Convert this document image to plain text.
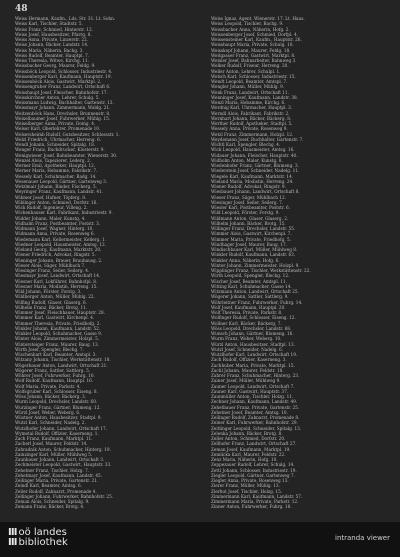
48
Weiss Hermann, Kaufm., Lds. Str. 31. Lt. Sohn.
Weiss Karl, Tischler, Stadtstr. 5.
Weiss Franz, Schmied, Hinterstr. 12.
Weiss Josef, Hausbesitzer, Pfarrg. 8.
Weiss Anna, Private, Linzerstr. 22.
Weiss Johann, Bäcker, Landstr. 14.
Weiss Maria, Näherin, Bachg. 3.
Weiss Rudolf, Beamter, Hauptpl. 7.
Weiss Theresia, Witwe, Kirchg. 11.
Weissbacher Georg, Maurer, Feldg. 9.
Weissböck Leopold, Schlosser, Industriestr. 4.
Weissenberger Karl, Kaufmann, Hauptstr. 19.
Weissenböck Alois, Gastwirt, Marktpl. 2.
Weissengruber Franz, Landwirt, Ortschaft 6.
Weisshaupt Josef, Fleischer, Bahnhofstr. 17.
Weisskirchner Anton, Lehrer, Schulg. 5.
Weissmann Ludwig, Buchhalter, Gartenstr. 13.
Weissmayr Johann, Zimmermann, Waldg. 21.
Weitzenböck Hans, Drechsler, Brunnenstr. 8.
Weixelbaumer Josef, Fuhrwerker, Mühlg. 15.
Weixelberger Anna, Private, Domg. 4.
Welser Karl, Oberlehrer, Promenade 10.
Welsersheimb Rudolf, Gutsbesitzer, Schlossstr. 1.
Welzl Friedrich, Uhrmacher, Herreng. 6.
Wendl Johann, Schneider, Spitalg. 18.
Wenger Franz, Buchdrucker, Klosterstr. 9.
Wenigwieser Josef, Bahnbeamter, Wienerstr. 30.
Wenzel Alois, Tapezierer, Lederg. 2.
Werner Emil, Apotheker, Hauptpl. 12.
Werner Maria, Hebamme, Fabrikstr. 7.
Wessely Karl, Schuhmacher, Badg. 14.
Wesenauer Leopold, Gärtner, Gartenweg 3.
Wetzlmair Johann, Binder, Fischerg. 5.
Weyringer Franz, Kaufmann, Landstr. 41.
Wibmer Josef, Hafner, Töpferg. 8.
Wiblinger Anton, Schmied, Dorfstr. 16.
Wick Rudolf, Ingenieur, Villeng. 2.
Wickenhauser Karl, Fabrikant, Industriestr. 9.
Widder Johann, Maler, Kunstg. 4.
Widhalm Franz, Postbeamter, Poststr. 3.
Widmann Josef, Wagner, Hinterg. 10.
Widmann Anna, Private, Rosenweg 6.
Wiedemann Karl, Kellermeister, Kellerg. 1.
Wiedner Leopold, Hausmeister, Amtsg. 12.
Wieland Georg, Kaufmann, Marktstr. 20.
Wiener Friedrich, Advokat, Ringstr. 5.
Wieninger Johann, Brauer, Brauhausg. 2.
Wieser Alois, Säger, Mühlbach 7.
Wiesinger Franz, Seiler, Seilerg. 4.
Wiesmayr Josef, Landwirt, Ortschaft 14.
Wiesner Karl, Lokführer, Bahnhofpl. 8.
Wiesner Maria, Modistin, Herreng. 15.
Wild Johann, Förster, Forstg. 3.
Wildberger Anton, Müller, Mühlg. 22.
Wilfing Rudolf, Glaser, Glaserg. 6.
Wilhelm Franz, Bäcker, Brotg. 11.
Wimmer Josef, Fleischhauer, Hauptstr. 28.
Wimmer Karl, Gastwirt, Kirchenpl. 4.
Wimmer Theresia, Private, Friedhofg. 2.
Winkler Johann, Kaufmann, Landstr. 52.
Winkler Leopold, Schuhmacher, Gasse 9.
Winter Alois, Zimmermeister, Holzpl. 5.
Wintersteiger Franz, Maurer, Baug. 13.
Wirth Josef, Spengler, Blechg. 7.
Wischenbart Karl, Beamter, Amtspl. 3.
Witzany Johann, Tischler, Werkstättenstr. 18.
Wögerbauer Anton, Landwirt, Ortschaft 21.
Wögerer Franz, Sattler, Sattlerg. 5.
Wöhrer Josef, Fuhrwerker, Fuhrg. 10.
Wolf Rudolf, Kaufmann, Hauptpl. 16.
Wolf Maria, Private, Parkstr. 4.
Wolfsgruber Karl, Schlosser, Eiseng. 8.
Wöss Johann, Bäcker, Bäckerg. 3.
Wurm Leopold, Drechsler, Landstr. 60.
Wurzinger Franz, Gärtner, Blumeng. 12.
Würzl Josef, Weber, Weberg. 6.
Wüstner Anton, Hausbesitzer, Stadtpl. 9.
Wutzl Karl, Schneider, Nadelg. 2.
Wutzlhofer Johann, Landwirt, Ortschaft 17.
Wymetal Rudolf, Offizier, Kaserneng. 1.
Zach Franz, Kaufmann, Marktpl. 11.
Zacherl Josef, Maurer, Feldstr. 14.
Zahradnik Anton, Schuhmacher, Hinterg. 19.
Zainzinger Karl, Müller, Mühlweg 5.
Zaunbauer Johann, Landwirt, Ortschaft 3.
Zechmeister Leopold, Gastwirt, Hauptstr. 33.
Zehetner Franz, Tischler, Holzg. 7.
Zehetmayr Josef, Kaufmann, Landstr. 45.
Zeilinger Maria, Private, Gartenstr. 21.
Zeindl Karl, Beamter, Amtsg. 6.
Zeller Rudolf, Zahnarzt, Promenade 4.
Zellinger Johann, Fuhrwerker, Bahnhofstr. 25.
Zeman Alois, Schneider, Spitalg. 9.
Zemann Franz, Bäcker, Brotg. 4.
Weiss Ignaz, Agent, Wienerstr. 17. Lt. Haus.
Weiss Leopold, Tischler, Bachg. 9.
Weissbacher Anna, Näherin, Hofg. 2.
Weissenberger Josef, Schmied, Dorfpl. 4.
Weissensteiner Karl, Kaufm., Hauptstr. 26.
Weisshaupt Maria, Private, Schulg. 10.
Weisskopf Johann, Maurer, Feldg. 18.
Weitgasser Franz, Gastwirt, Marktpl. 8.
Weixler Josef, Bahnarbeiter, Bahnweg 3.
Welker Rudolf, Friseur, Herreng. 20.
Weller Anton, Lehrer, Schulpl. 1.
Welsch Karl, Schlosser, Industriestr. 15.
Wendt Leopold, Beamter, Amtspl. 7.
Wengler Johann, Müller, Mühlg. 9.
Wenk Franz, Landwirt, Ortschaft 11.
Wenninger Josef, Kaufmann, Landstr. 38.
Wenzl Maria, Hebamme, Kirchg. 6.
Werdnig Karl, Uhrmacher, Hauptpl. 3.
Werndl Alois, Fabrikant, Fabrikstr. 2.
Wernhart Johann, Bäcker, Bäckerg. 8.
Werther Rudolf, Apotheker, Stadtpl. 5.
Wessely Anna, Private, Rosenweg 9.
Wetzl Franz, Zimmermann, Holzpl. 12.
Weydemann Josef, Buchhalter, Gartenstr. 7.
Wichtl Karl, Spengler, Blechg. 4.
Wick Leopold, Hausmeister, Amtsg. 16.
Widauer Johann, Fleischer, Hauptstr. 40.
Widholm Anton, Maler, Kunstg. 8.
Wiedenhofer Franz, Gärtner, Blumeng. 3.
Wiederstein Josef, Schneider, Nadelg. 11.
Wiegele Karl, Kaufmann, Marktstr. 14.
Wieland Maria, Modistin, Herreng. 24.
Wiener Rudolf, Advokat, Ringstr. 9.
Wiesbauer Johann, Landwirt, Ortschaft 8.
Wieser Franz, Säger, Mühlbach 12.
Wiesinger Josef, Seiler, Seilerg. 7.
Wiesler Karl, Postbeamter, Poststr. 6.
Wild Leopold, Förster, Forstg. 9.
Wildmann Anton, Glaser, Glaserg. 2.
Wilhelm Johann, Bäcker, Brotg. 15.
Willinger Franz, Drechsler, Landstr. 55.
Wimmer Alois, Gastwirt, Kirchenpl. 7.
Wimmer Maria, Private, Friedhofg. 5.
Windhager Josef, Maurer, Baug. 17.
Windischbauer Karl, Müller, Mühlweg 8.
Winkler Rudolf, Kaufmann, Landstr. 63.
Winkler Anna, Näherin, Hofg. 6.
Winter Johann, Zimmermeister, Holzpl. 9.
Wipplinger Franz, Tischler, Werkstättenstr. 22.
Wirth Leopold, Spengler, Blechg. 12.
Wischer Josef, Beamter, Amtspl. 11.
Witting Karl, Schuhmacher, Gasse 14.
Witzmann Anton, Landwirt, Ortschaft 25.
Wögerer Johann, Sattler, Sattlerg. 9.
Wöhrleitner Franz, Fuhrwerker, Fuhrg. 14.
Wolf Josef, Kaufmann, Hauptpl. 20.
Wolf Theresia, Private, Parkstr. 8.
Wolfinger Rudolf, Schlosser, Eiseng. 12.
Wollner Karl, Bäcker, Bäckerg. 7.
Wöss Leopold, Drechsler, Landstr. 68.
Wunsch Johann, Gärtner, Blumeng. 16.
Wurm Franz, Weber, Weberg. 10.
Würzl Anton, Hausbesitzer, Stadtpl. 13.
Wutzl Josef, Schneider, Nadelg. 6.
Wutzlhofer Karl, Landwirt, Ortschaft 19.
Zach Rudolf, Offizier, Kaserneng. 3.
Zachhuber Maria, Private, Marktpl. 15.
Zachl Johann, Maurer, Feldstr. 18.
Zahrer Franz, Schuhmacher, Hinterg. 23.
Zainer Josef, Müller, Mühlweg 9.
Zauner Leopold, Landwirt, Ortschaft 7.
Zauner Karl, Gastwirt, Hauptstr. 37.
Zaunmüller Anton, Tischler, Holzg. 11.
Zechner Johann, Kaufmann, Landstr. 49.
Zehetbauer Franz, Private, Gartenstr. 25.
Zehetner Josef, Beamter, Amtsg. 10.
Zeilinger Rudolf, Zahnarzt, Promenade 8.
Zeiner Karl, Fuhrwerker, Bahnhofstr. 29.
Zeitlinger Leopold, Schneider, Spitalg. 13.
Zelenka Johann, Bäcker, Brotg. 8.
Zeller Anton, Schmied, Dorfstr. 20.
Zellhofer Franz, Landwirt, Ortschaft 27.
Zeman Josef, Kaufmann, Marktpl. 19.
Zemlicka Karl, Maurer, Feldstr. 22.
Zenz Maria, Näherin, Hofg. 10.
Zeppezauer Rudolf, Lehrer, Schulg. 14.
Zettl Johann, Schlosser, Industriestr. 19.
Ziegler Leopold, Gärtner, Gartenweg 7.
Ziegler Anna, Private, Rosenweg 13.
Zierer Franz, Müller, Mühlg. 13.
Zierhut Josef, Tischler, Holzg. 15.
Zimmermann Karl, Kaufmann, Landstr. 57.
Zimmermann Maria, Private, Parkstr. 12.
Zinner Anton, Fuhrwerker, Fuhrg. 18.
Ⅲ oö landes
Ⅲ bibliothek	intranda viewer
